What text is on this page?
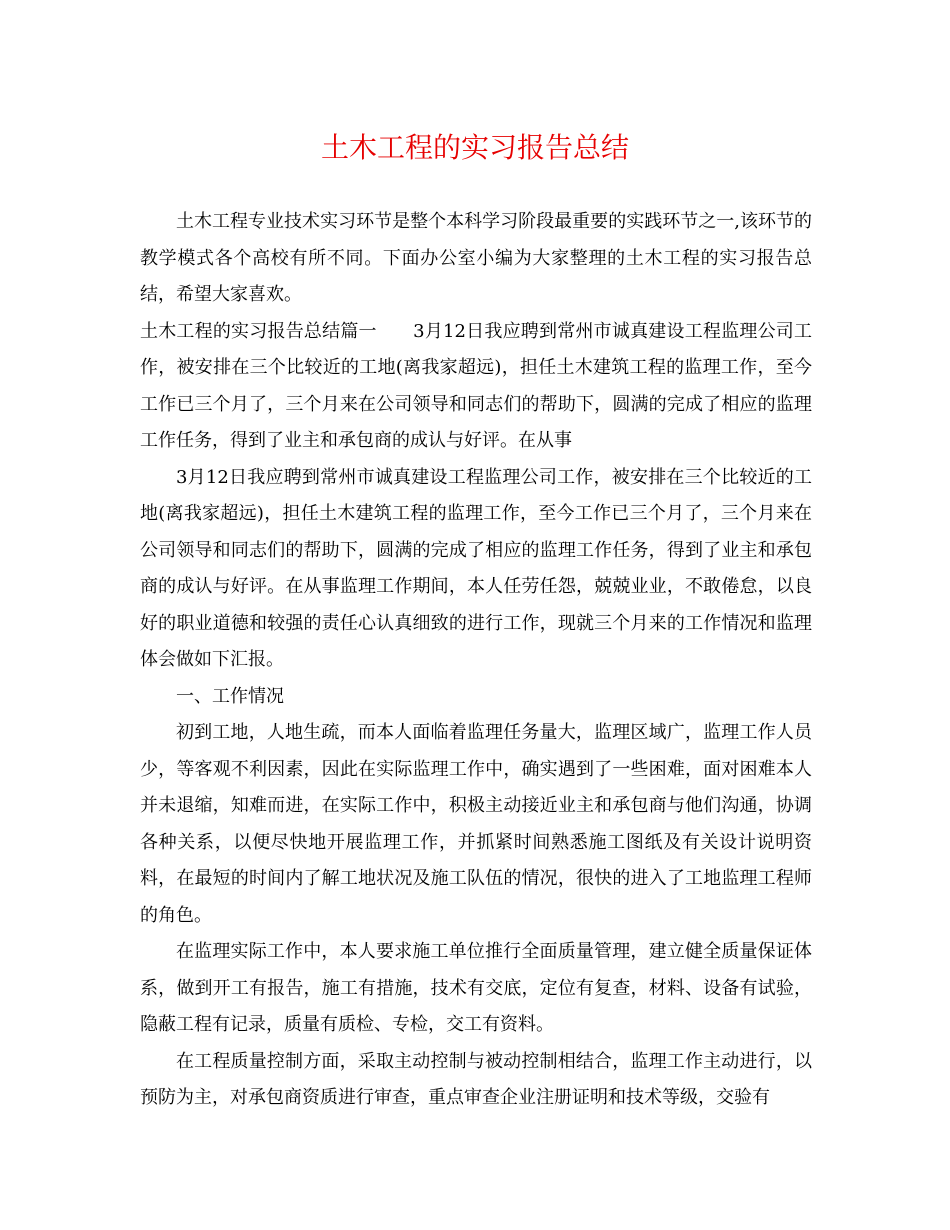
土木工程的实习报告总结

土木工程专业技术实习环节是整个本科学习阶段最重要的实践环节之一,该环节的教学模式各个高校有所不同。下面办公室小编为大家整理的土木工程的实习报告总结，希望大家喜欢。

土木工程的实习报告总结篇一　　3月12日我应聘到常州市诚真建设工程监理公司工作，被安排在三个比较近的工地(离我家超远)，担任土木建筑工程的监理工作，至今工作已三个月了，三个月来在公司领导和同志们的帮助下，圆满的完成了相应的监理工作任务，得到了业主和承包商的成认与好评。在从事

3月12日我应聘到常州市诚真建设工程监理公司工作，被安排在三个比较近的工地(离我家超远)，担任土木建筑工程的监理工作，至今工作已三个月了，三个月来在公司领导和同志们的帮助下，圆满的完成了相应的监理工作任务，得到了业主和承包商的成认与好评。在从事监理工作期间，本人任劳任怨，兢兢业业，不敢倦怠，以良好的职业道德和较强的责任心认真细致的进行工作，现就三个月来的工作情况和监理体会做如下汇报。

一、工作情况

初到工地，人地生疏，而本人面临着监理任务量大，监理区域广，监理工作人员少，等客观不利因素，因此在实际监理工作中，确实遇到了一些困难，面对困难本人并未退缩，知难而进，在实际工作中，积极主动接近业主和承包商与他们沟通，协调各种关系，以便尽快地开展监理工作，并抓紧时间熟悉施工图纸及有关设计说明资料，在最短的时间内了解工地状况及施工队伍的情况，很快的进入了工地监理工程师的角色。

在监理实际工作中，本人要求施工单位推行全面质量管理，建立健全质量保证体系，做到开工有报告，施工有措施，技术有交底，定位有复查，材料、设备有试验，隐蔽工程有记录，质量有质检、专检，交工有资料。

在工程质量控制方面，采取主动控制与被动控制相结合，监理工作主动进行，以预防为主，对承包商资质进行审查，重点审查企业注册证明和技术等级，交验有
